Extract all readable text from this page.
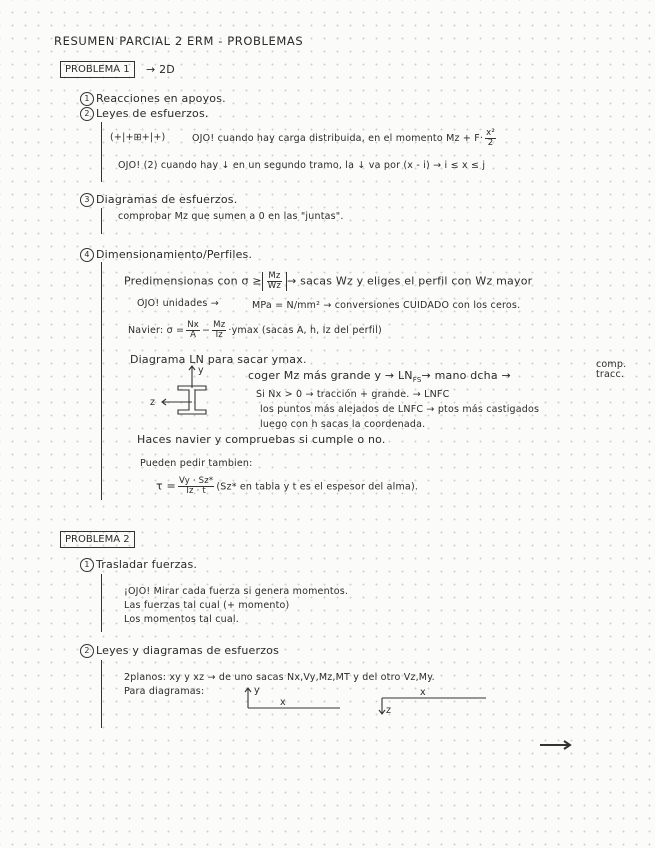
RESUMEN PARCIAL 2 ERM - PROBLEMAS
PROBLEMA 1	→ 2D
1 Reacciones en apoyos.
2 Leyes de esfuerzos.
(+|+⊞+|+)	OJO! cuando hay carga distribuida, en el momento $Mz + F\cdot \frac{\text{x²}}{2}$
OJO! (2) cuando hay ↓ en un segundo tramo, la ↓ va por (x - i) → i ≤ x ≤ j
3 Diagramas de esfuerzos.
comprobar Mz que sumen a 0 en las "juntas".
4 Dimensionamiento/Perfiles.
Predimensionas con $\sigma \ge \frac{Mz}{Wz}$ → sacas Wz y eliges el perfil con Wz mayor
OJO! unidades →	MPa = N/mm² → conversiones CUIDADO con los ceros.
Navier: $\sigma = \frac{Nx}{A} - \frac{Mz}{Iz} \cdot ymax$ (sacas A, h, Iz del perfil)
Diagrama LN para sacar ymax.
y
z
coger Mz más grande $y \to LN_{FS}\to$ mano dcha →
comp.
tracc.
Si Nx > 0 → tracción + grande. → LNFC
los puntos más alejados de LNFC → ptos más castigados
luego con h sacas la coordenada.
Haces navier y compruebas si cumple o no.
Pueden pedir tambien:
$\tau = \frac{Vy \cdot Sz*}{Iz \cdot t} (Sz*$ en tabla y t es el espesor del alma).
PROBLEMA 2
1 Trasladar fuerzas.
¡OJO! Mirar cada fuerza si genera momentos.
Las fuerzas tal cual (+ momento)
Los momentos tal cual.
2 Leyes y diagramas de esfuerzos
2planos: xy y xz → de uno sacas Nx,Vy,Mz,MT y del otro Vz,My.
Para diagramas:	y
x
z
x
